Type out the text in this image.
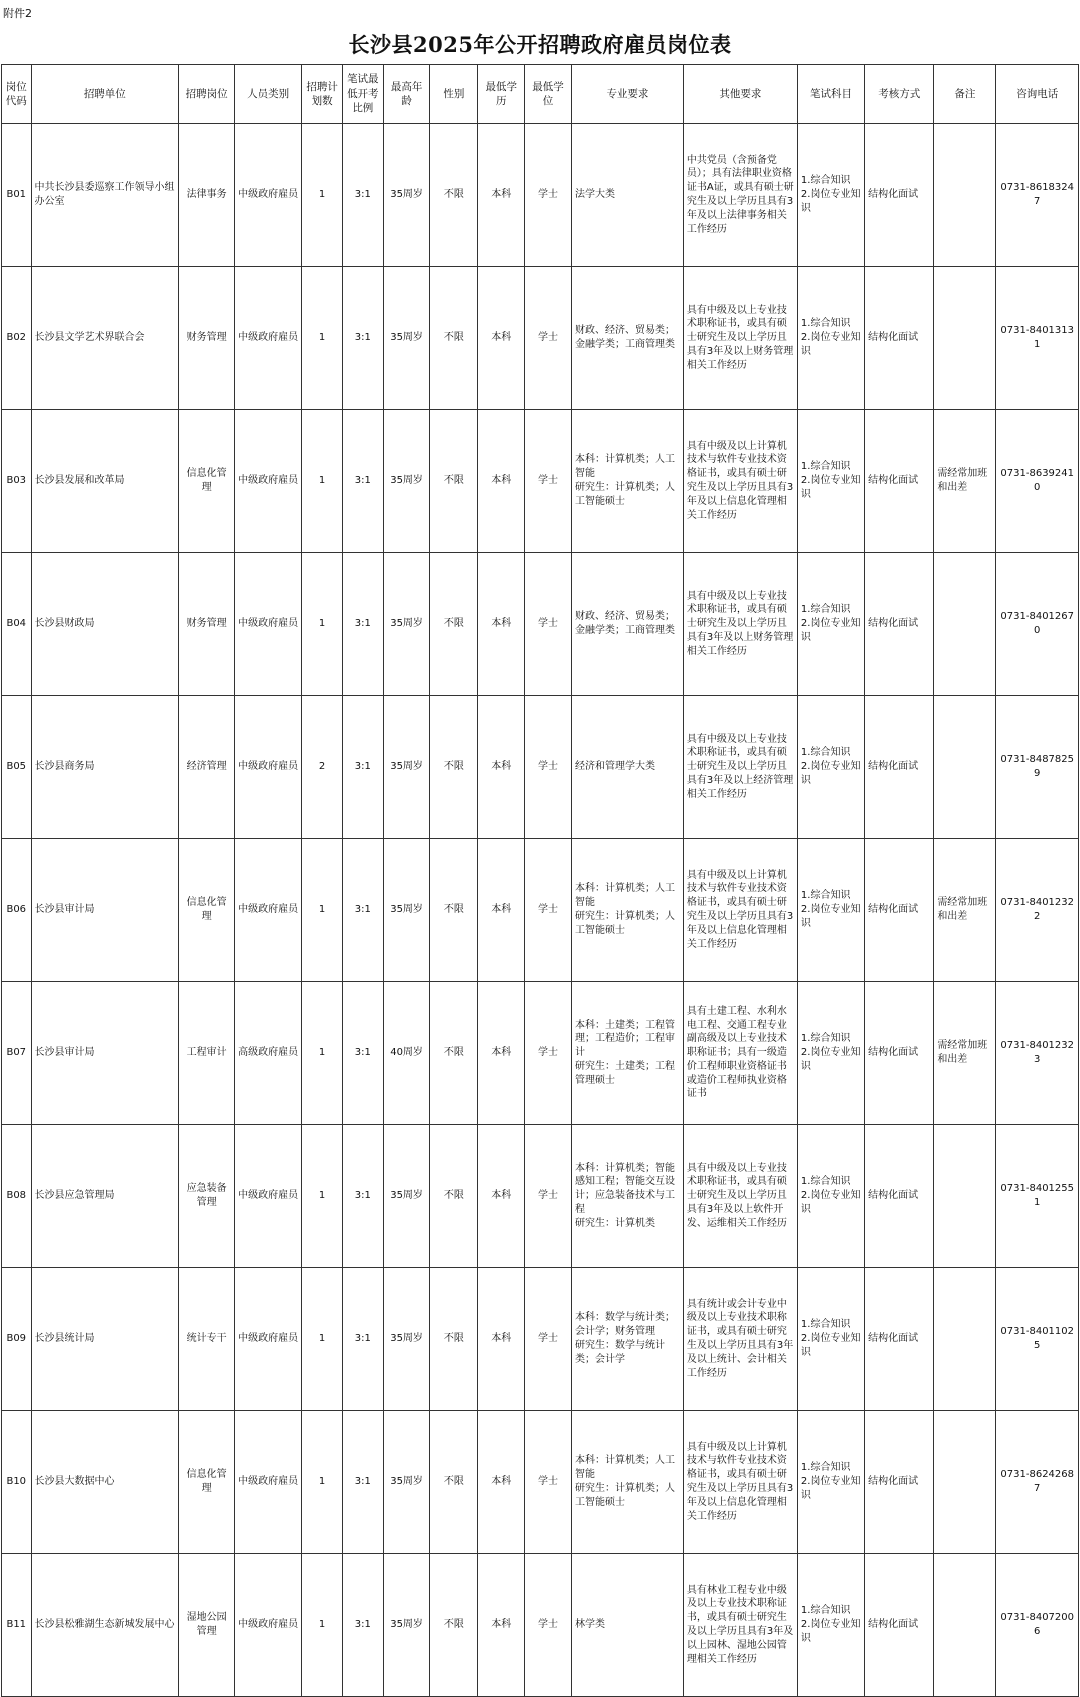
附件2
长沙县2025年公开招聘政府雇员岗位表
岗位代码	招聘单位	招聘岗位	人员类别	招聘计划数	笔试最低开考比例	最高年龄	性别	最低学历	最低学位	专业要求	其他要求	笔试科目	考核方式	备注	咨询电话
B01	中共长沙县委巡察工作领导小组办公室	法律事务	中级政府雇员	1	3:1	35周岁	不限	本科	学士	法学大类	中共党员（含预备党员）；具有法律职业资格证书A证，或具有硕士研究生及以上学历且具有3年及以上法律事务相关工作经历	1.综合知识
2.岗位专业知识	结构化面试		0731-86183247
B02	长沙县文学艺术界联合会	财务管理	中级政府雇员	1	3:1	35周岁	不限	本科	学士	财政、经济、贸易类；金融学类；工商管理类	具有中级及以上专业技术职称证书，或具有硕士研究生及以上学历且具有3年及以上财务管理相关工作经历	1.综合知识
2.岗位专业知识	结构化面试		0731-84013131
B03	长沙县发展和改革局	信息化管理	中级政府雇员	1	3:1	35周岁	不限	本科	学士	本科：计算机类；人工智能
研究生：计算机类；人工智能硕士	具有中级及以上计算机技术与软件专业技术资格证书，或具有硕士研究生及以上学历且具有3年及以上信息化管理相关工作经历	1.综合知识
2.岗位专业知识	结构化面试	需经常加班和出差	0731-86392410
B04	长沙县财政局	财务管理	中级政府雇员	1	3:1	35周岁	不限	本科	学士	财政、经济、贸易类；金融学类；工商管理类	具有中级及以上专业技术职称证书，或具有硕士研究生及以上学历且具有3年及以上财务管理相关工作经历	1.综合知识
2.岗位专业知识	结构化面试		0731-84012670
B05	长沙县商务局	经济管理	中级政府雇员	2	3:1	35周岁	不限	本科	学士	经济和管理学大类	具有中级及以上专业技术职称证书，或具有硕士研究生及以上学历且具有3年及以上经济管理相关工作经历	1.综合知识
2.岗位专业知识	结构化面试		0731-84878259
B06	长沙县审计局	信息化管理	中级政府雇员	1	3:1	35周岁	不限	本科	学士	本科：计算机类；人工智能
研究生：计算机类；人工智能硕士	具有中级及以上计算机技术与软件专业技术资格证书，或具有硕士研究生及以上学历且具有3年及以上信息化管理相关工作经历	1.综合知识
2.岗位专业知识	结构化面试	需经常加班和出差	0731-84012322
B07	长沙县审计局	工程审计	高级政府雇员	1	3:1	40周岁	不限	本科	学士	本科：土建类；工程管理；工程造价；工程审计
研究生：土建类；工程管理硕士	具有土建工程、水利水电工程、交通工程专业副高级及以上专业技术职称证书；具有一级造价工程师职业资格证书或造价工程师执业资格证书	1.综合知识
2.岗位专业知识	结构化面试	需经常加班和出差	0731-84012323
B08	长沙县应急管理局	应急装备管理	中级政府雇员	1	3:1	35周岁	不限	本科	学士	本科：计算机类；智能感知工程；智能交互设计；应急装备技术与工程
研究生：计算机类	具有中级及以上专业技术职称证书，或具有硕士研究生及以上学历且具有3年及以上软件开发、运维相关工作经历	1.综合知识
2.岗位专业知识	结构化面试		0731-84012551
B09	长沙县统计局	统计专干	中级政府雇员	1	3:1	35周岁	不限	本科	学士	本科：数学与统计类；会计学；财务管理
研究生：数学与统计类；会计学	具有统计或会计专业中级及以上专业技术职称证书，或具有硕士研究生及以上学历且具有3年及以上统计、会计相关工作经历	1.综合知识
2.岗位专业知识	结构化面试		0731-84011025
B10	长沙县大数据中心	信息化管理	中级政府雇员	1	3:1	35周岁	不限	本科	学士	本科：计算机类；人工智能
研究生：计算机类；人工智能硕士	具有中级及以上计算机技术与软件专业技术资格证书，或具有硕士研究生及以上学历且具有3年及以上信息化管理相关工作经历	1.综合知识
2.岗位专业知识	结构化面试		0731-86242687
B11	长沙县松雅湖生态新城发展中心	湿地公园管理	中级政府雇员	1	3:1	35周岁	不限	本科	学士	林学类	具有林业工程专业中级及以上专业技术职称证书，或具有硕士研究生及以上学历且具有3年及以上园林、湿地公园管理相关工作经历	1.综合知识
2.岗位专业知识	结构化面试		0731-84072006
